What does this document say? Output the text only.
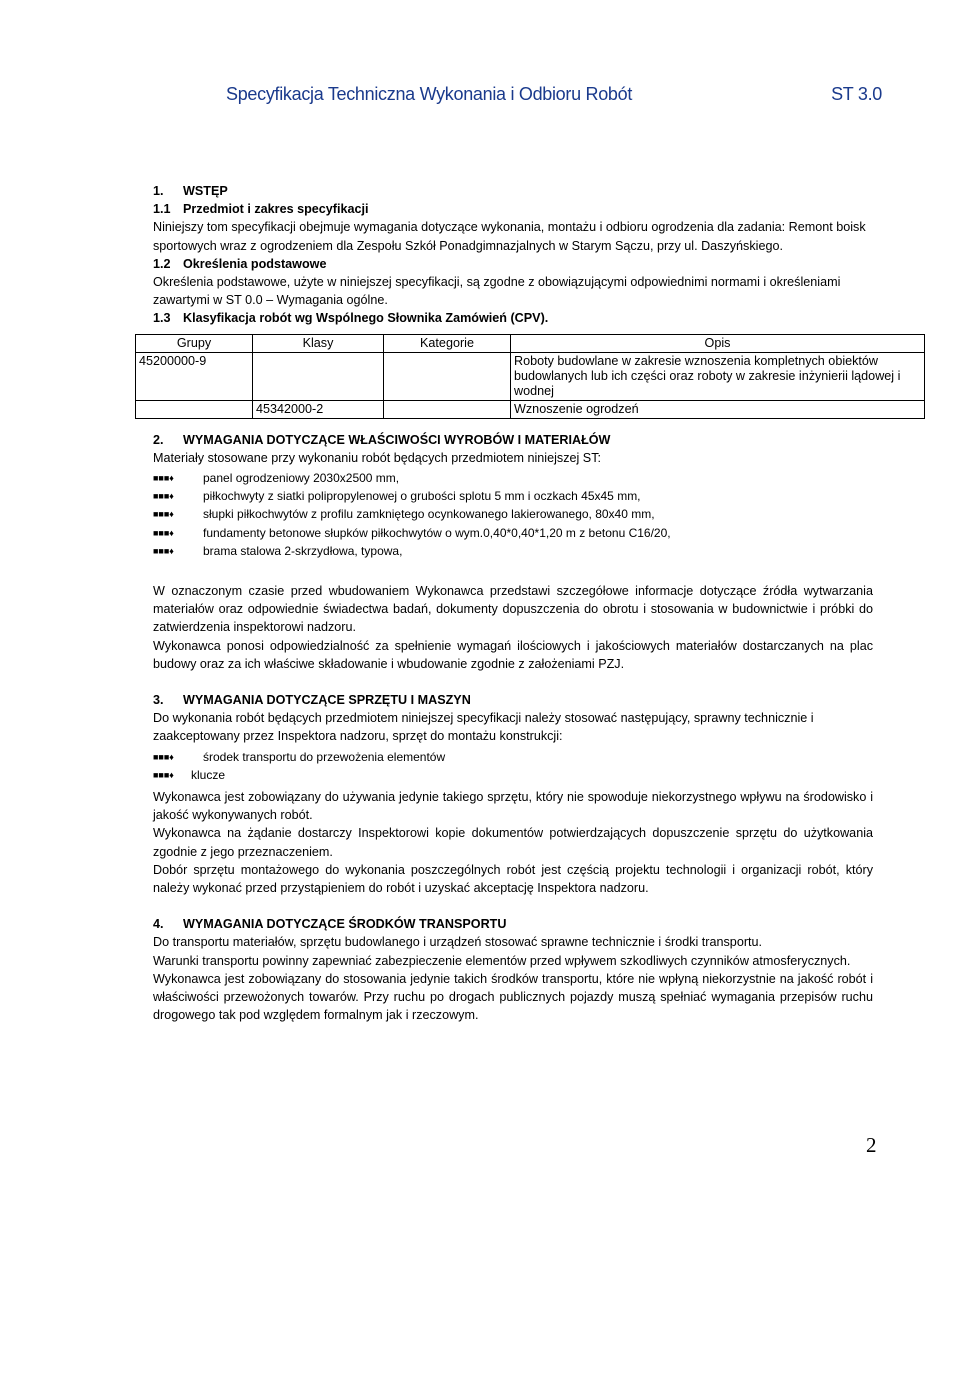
Specyfikacja Techniczna Wykonania i Odbioru Robót	ST 3.0
1. WSTĘP
1.1 Przedmiot i zakres specyfikacji

Niniejszy tom specyfikacji obejmuje wymagania dotyczące wykonania, montażu i odbioru ogrodzenia dla zadania: Remont boisk sportowych wraz z ogrodzeniem dla Zespołu Szkół Ponadgimnazjalnych w Starym Sączu, przy ul. Daszyńskiego.

1.2 Określenia podstawowe

Określenia podstawowe, użyte w niniejszej specyfikacji, są zgodne z obowiązującymi odpowiednimi normami i określeniami zawartymi w ST 0.0 – Wymagania ogólne.

1.3 Klasyfikacja robót wg Wspólnego Słownika Zamówień (CPV).
Grupy	Klasy	Kategorie	Opis
45200000-9			Roboty budowlane w zakresie wznoszenia kompletnych obiektów budowlanych lub ich części oraz roboty w zakresie inżynierii lądowej i wodnej
	45342000-2		Wznoszenie ogrodzeń
2. WYMAGANIA DOTYCZĄCE WŁAŚCIWOŚCI WYROBÓW I MATERIAŁÓW

Materiały stosowane przy wykonaniu robót będących przedmiotem niniejszej ST:

■■■♦	panel ogrodzeniowy 2030x2500 mm,
■■■♦	piłkochwyty z siatki polipropylenowej o grubości splotu 5 mm i oczkach 45x45 mm,
■■■♦	słupki piłkochwytów z profilu zamkniętego ocynkowanego lakierowanego, 80x40 mm,
■■■♦	fundamenty betonowe słupków piłkochwytów o wym.0,40*0,40*1,20 m z betonu C16/20,
■■■♦	brama stalowa 2-skrzydłowa, typowa,

W oznaczonym czasie przed wbudowaniem Wykonawca przedstawi szczegółowe informacje dotyczące źródła wytwarzania materiałów oraz odpowiednie świadectwa badań, dokumenty dopuszczenia do obrotu i stosowania w budownictwie i próbki do zatwierdzenia inspektorowi nadzoru.

Wykonawca ponosi odpowiedzialność za spełnienie wymagań ilościowych i jakościowych materiałów dostarczanych na plac budowy oraz za ich właściwe składowanie i wbudowanie zgodnie z założeniami PZJ.

3. WYMAGANIA DOTYCZĄCE SPRZĘTU I MASZYN

Do wykonania robót będących przedmiotem niniejszej specyfikacji należy stosować następujący, sprawny technicznie i zaakceptowany przez Inspektora nadzoru, sprzęt do montażu konstrukcji:

■■■♦	środek transportu do przewożenia elementów
■■■♦	klucze

Wykonawca jest zobowiązany do używania jedynie takiego sprzętu, który nie spowoduje niekorzystnego wpływu na środowisko i jakość wykonywanych robót.

Wykonawca na żądanie dostarczy Inspektorowi kopie dokumentów potwierdzających dopuszczenie sprzętu do użytkowania zgodnie z jego przeznaczeniem.

Dobór sprzętu montażowego do wykonania poszczególnych robót jest częścią projektu technologii i organizacji robót, który należy wykonać przed przystąpieniem do robót i uzyskać akceptację Inspektora nadzoru.

4. WYMAGANIA DOTYCZĄCE ŚRODKÓW TRANSPORTU

Do transportu materiałów, sprzętu budowlanego i urządzeń stosować sprawne technicznie i środki transportu.

Warunki transportu powinny zapewniać zabezpieczenie elementów przed wpływem szkodliwych czynników atmosferycznych.

Wykonawca jest zobowiązany do stosowania jedynie takich środków transportu, które nie wpłyną niekorzystnie na jakość robót i właściwości przewożonych towarów. Przy ruchu po drogach publicznych pojazdy muszą spełniać wymagania przepisów ruchu drogowego tak pod względem formalnym jak i rzeczowym.

2
